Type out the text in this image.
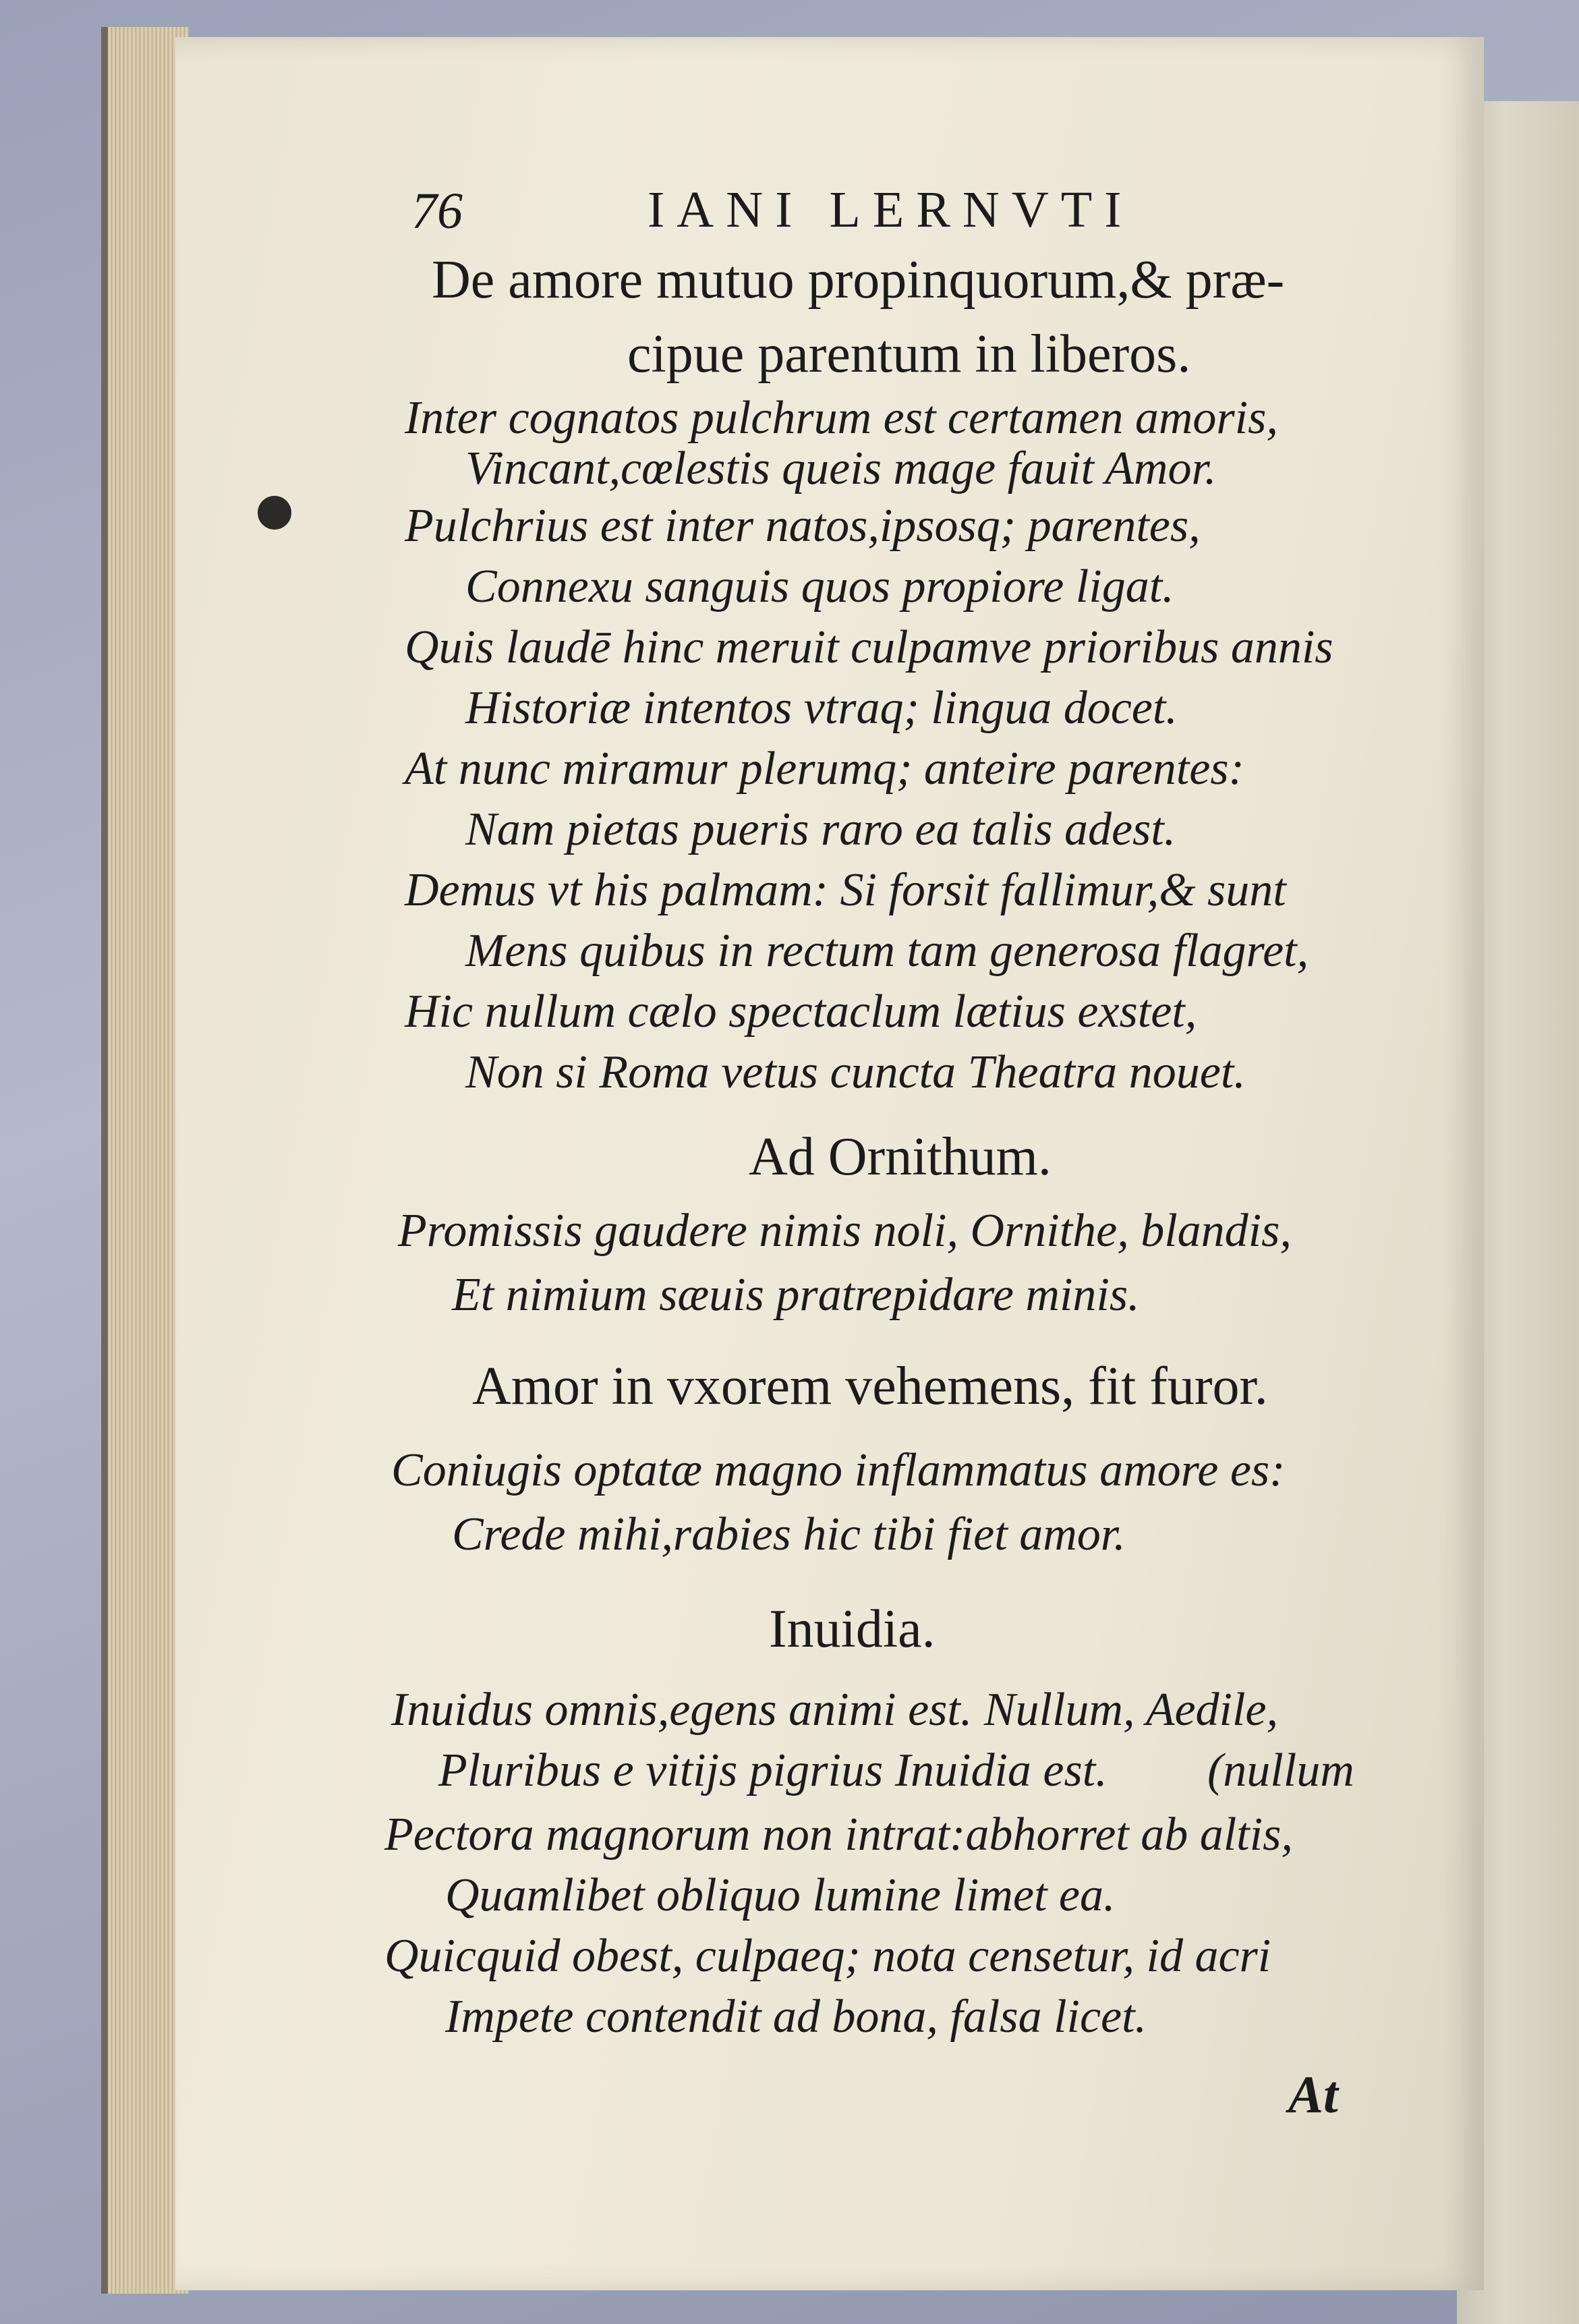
76	IANI LERNVTI
De amore mutuo propinquorum,& præ-
cipue parentum in liberos.
Inter cognatos pulchrum est certamen amoris,
Vincant,cœlestis queis mage fauit Amor.
Pulchrius est inter natos,ipsosq; parentes,
Connexu sanguis quos propiore ligat.
Quis laudē hinc meruit culpamve prioribus annis
Historiæ intentos vtraq; lingua docet.
At nunc miramur plerumq; anteire parentes:
Nam pietas pueris raro ea talis adest.
Demus vt his palmam: Si forsit fallimur,& sunt
Mens quibus in rectum tam generosa flagret,
Hic nullum cælo spectaclum lætius exstet,
Non si Roma vetus cuncta Theatra nouet.
Ad Ornithum.
Promissis gaudere nimis noli, Ornithe, blandis,
Et nimium sæuis pratrepidare minis.
Amor in vxorem vehemens, fit furor.
Coniugis optatæ magno inflammatus amore es:
Crede mihi,rabies hic tibi fiet amor.
Inuidia.
Inuidus omnis,egens animi est. Nullum, Aedile,
Pluribus e vitijs pigrius Inuidia est. (nullum
Pectora magnorum non intrat:abhorret ab altis,
Quamlibet obliquo lumine limet ea.
Quicquid obest, culpaeq; nota censetur, id acri
Impete contendit ad bona, falsa licet.
At
